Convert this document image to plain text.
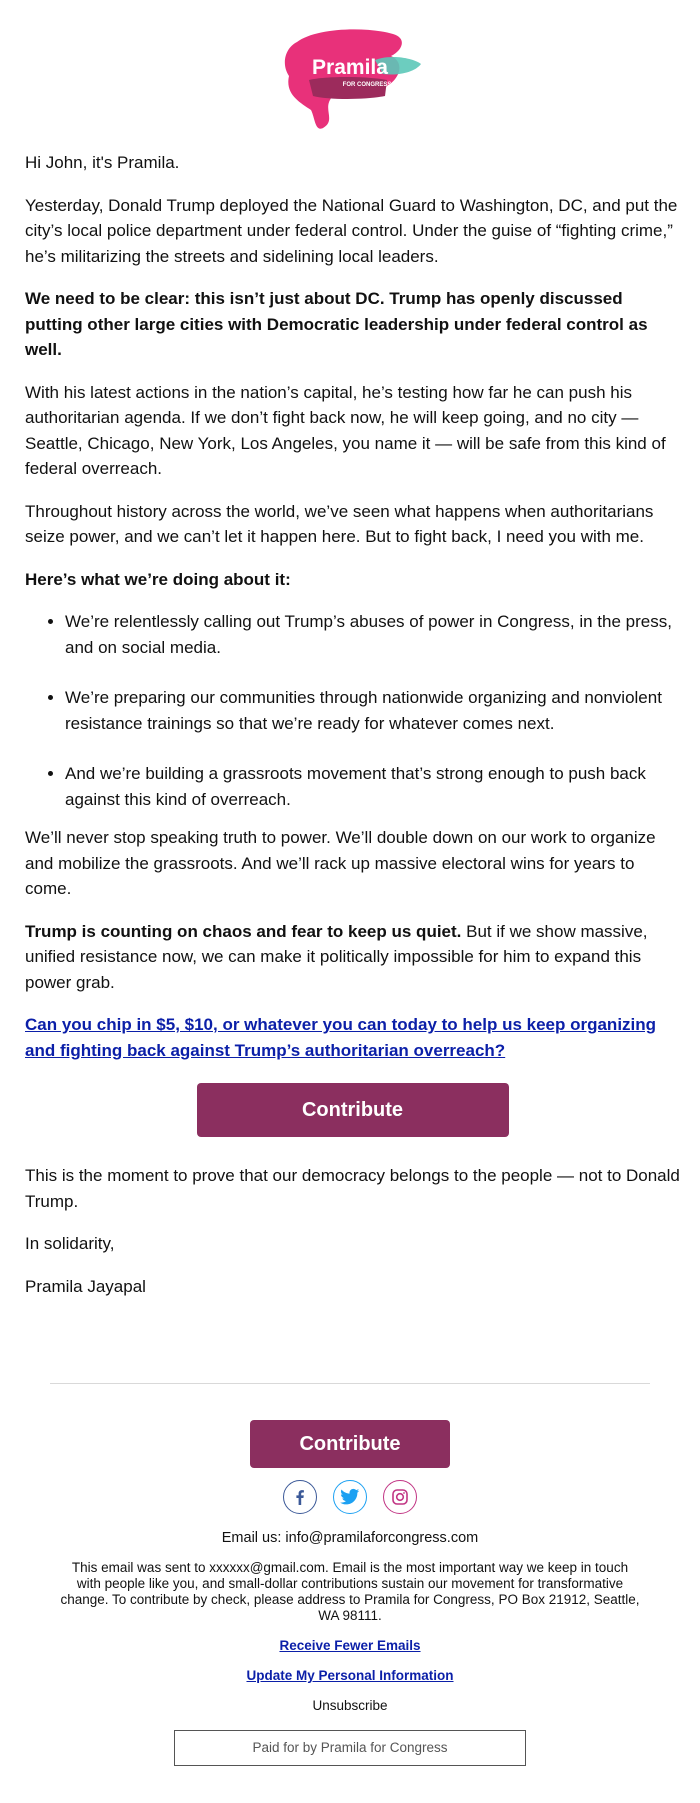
Pramila
FOR CONGRESS

Hi John, it's Pramila.

Yesterday, Donald Trump deployed the National Guard to Washington, DC, and put the city’s local police department under federal control. Under the guise of “fighting crime,” he’s militarizing the streets and sidelining local leaders.

We need to be clear: this isn’t just about DC. Trump has openly discussed putting other large cities with Democratic leadership under federal control as well.

With his latest actions in the nation’s capital, he’s testing how far he can push his authoritarian agenda. If we don’t fight back now, he will keep going, and no city — Seattle, Chicago, New York, Los Angeles, you name it — will be safe from this kind of federal overreach.

Throughout history across the world, we’ve seen what happens when authoritarians seize power, and we can’t let it happen here. But to fight back, I need you with me.

Here’s what we’re doing about it:

• We’re relentlessly calling out Trump’s abuses of power in Congress, in the press, and on social media.
• We’re preparing our communities through nationwide organizing and nonviolent resistance trainings so that we’re ready for whatever comes next.
• And we’re building a grassroots movement that’s strong enough to push back against this kind of overreach.

We’ll never stop speaking truth to power. We’ll double down on our work to organize and mobilize the grassroots. And we’ll rack up massive electoral wins for years to come.

Trump is counting on chaos and fear to keep us quiet. But if we show massive, unified resistance now, we can make it politically impossible for him to expand this power grab.

Can you chip in $5, $10, or whatever you can today to help us keep organizing and fighting back against Trump’s authoritarian overreach?

Contribute

This is the moment to prove that our democracy belongs to the people — not to Donald Trump.

In solidarity,

Pramila Jayapal

Contribute
Email us: info@pramilaforcongress.com
This email was sent to xxxxxx@gmail.com. Email is the most important way we keep in touch with people like you, and small-dollar contributions sustain our movement for transformative change. To contribute by check, please address to Pramila for Congress, PO Box 21912, Seattle, WA 98111.
Receive Fewer Emails
Update My Personal Information
Unsubscribe
Paid for by Pramila for Congress
